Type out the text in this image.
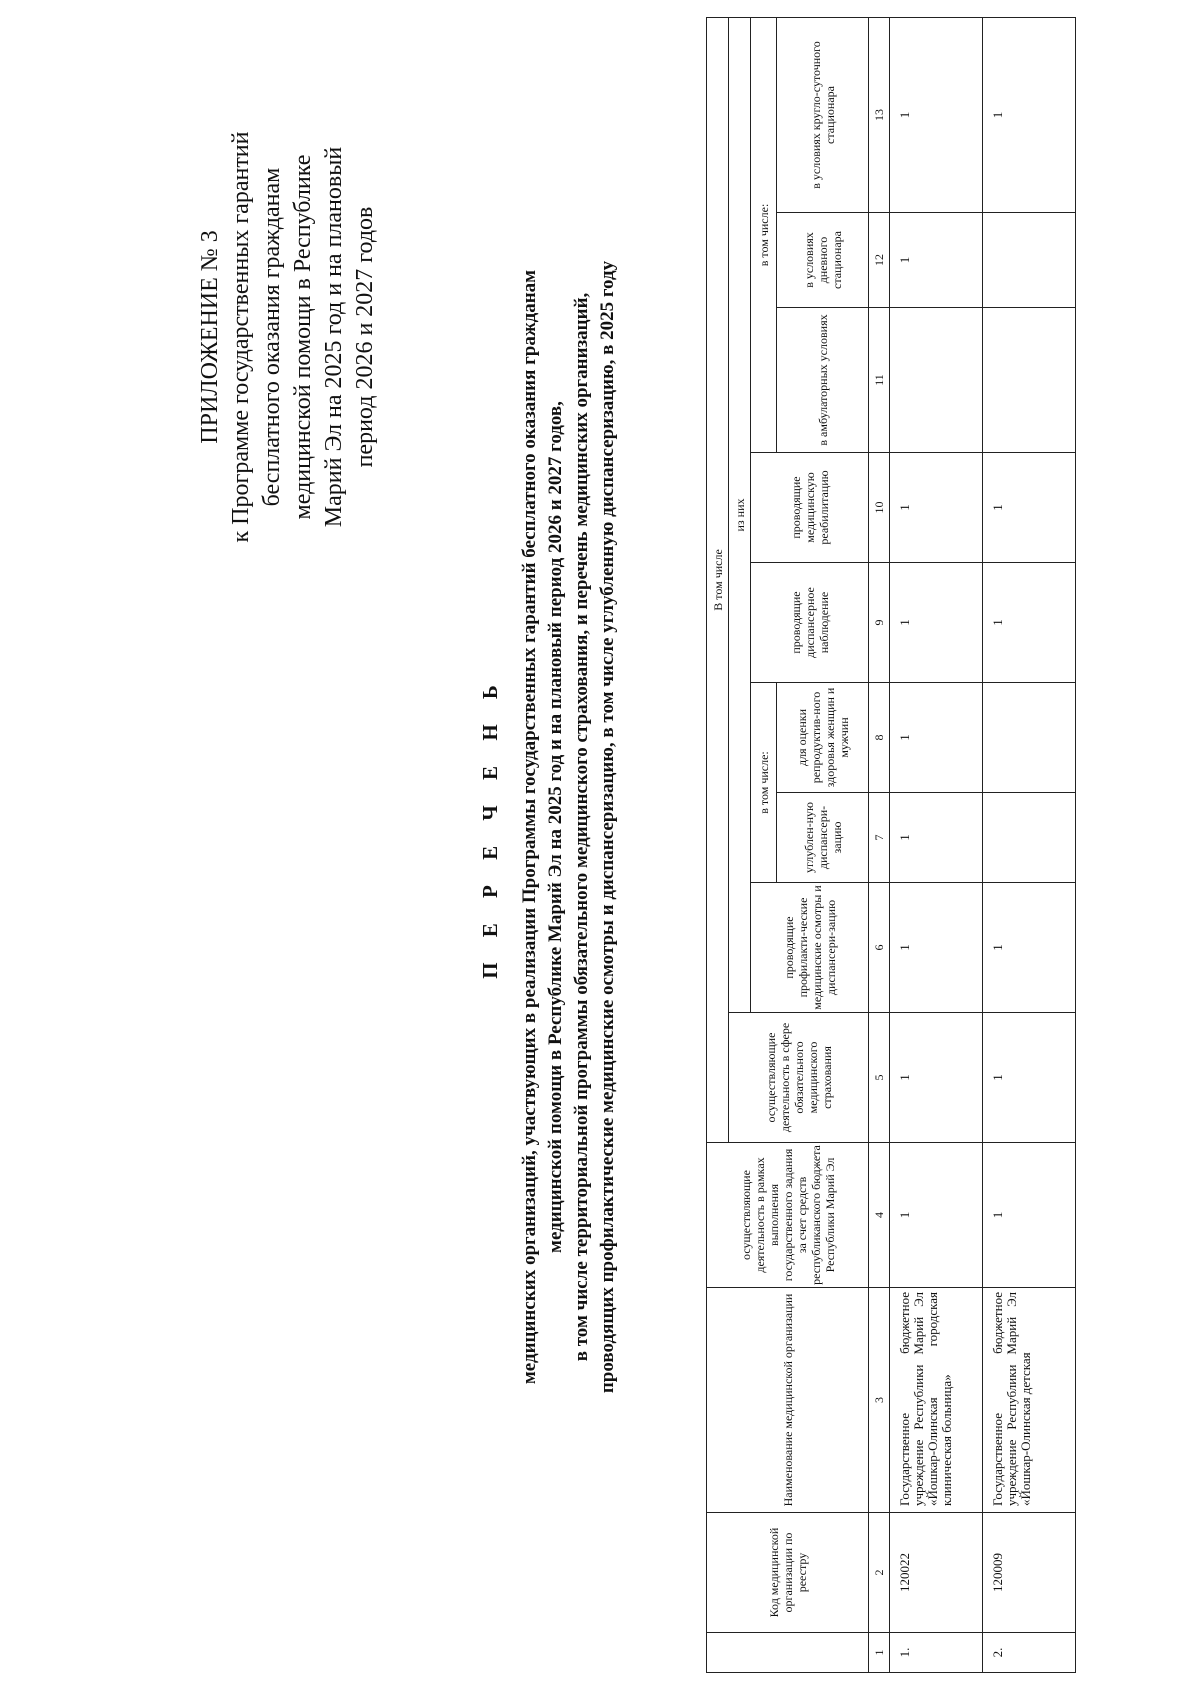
ПРИЛОЖЕНИЕ № 3 к Программе государственных гарантий бесплатного оказания гражданам медицинской помощи в Республике Марий Эл на 2025 год и на плановый период 2026 и 2027 годов
П Е Р Е Ч Е Н Ь медицинских организаций, участвующих в реализации Программы государственных гарантий бесплатного оказания гражданам медицинской помощи в Республике Марий Эл на 2025 год и на плановый период 2026 и 2027 годов, в том числе территориальной программы обязательного медицинского страхования, и перечень медицинских организаций, проводящих профилактические медицинские осмотры и диспансеризацию, в том числе углубленную диспансеризацию, в 2025 году
	Код медицинской организации по реестру	Наименование медицинской организации	осуществляющие деятельность в рамках выполнения государственного задания за счет средств республиканского бюджета Республики Марий Эл	В том числе								
				осуществляющие деятельность в сфере обязательного медицинского страхования	из них							
					проводящие профилакти-ческие медицинские осмотры и диспансери-зацию	в том числе:		проводящие диспансерное наблюдение	проводящие медицинскую реабилитацию	в том числе:		
						углублен-ную диспансери-зацию	для оценки репродуктив-ного здоровья женщин и мужчин			в амбулаторных условиях	в условиях дневного стационара	в условиях кругло-суточного стационара
1	2	3	4	5	6	7	8	9	10	11	12	13
1.	120022	Государственное бюджетное учреждение Республики Марий Эл «Йошкар-Олинская городская клиническая больница»	1	1	1	1	1	1	1		1	1
2.	120009	Государственное бюджетное учреждение Республики Марий Эл «Йошкар-Олинская детская	1	1	1			1	1			1
